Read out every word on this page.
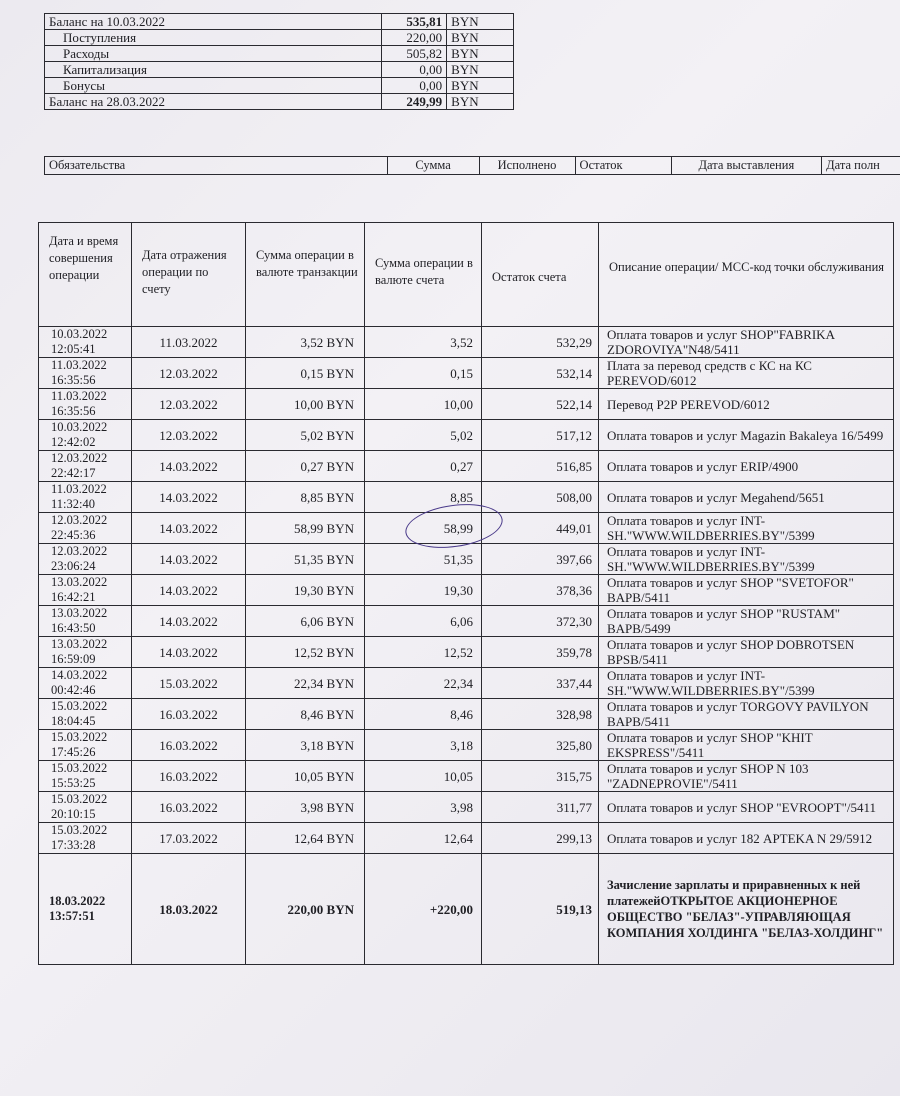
Баланс на 10.03.2022	535,81	BYN
Поступления	220,00	BYN
Расходы	505,82	BYN
Капитализация	0,00	BYN
Бонусы	0,00	BYN
Баланс на 28.03.2022	249,99	BYN
Обязательства	Сумма	Исполнено	Остаток	Дата выставления	Дата полн
Дата и время совершения операции	Дата отражения операции по счету	Сумма операции в валюте транзакции	Сумма операции в валюте счета	Остаток счета	Описание операции/ МСС-код точки обслуживания

10.03.2022
12:05:41	11.03.2022	3,52 BYN	3,52	532,29	Оплата товаров и услуг SHOP"FABRIKA ZDOROVIYA"N48/5411

11.03.2022
16:35:56	12.03.2022	0,15 BYN	0,15	532,14	Плата за перевод средств с КС на КС PEREVOD/6012

11.03.2022
16:35:56	12.03.2022	10,00 BYN	10,00	522,14	Перевод P2P PEREVOD/6012

10.03.2022
12:42:02	12.03.2022	5,02 BYN	5,02	517,12	Оплата товаров и услуг Magazin Bakaleya 16/5499

12.03.2022
22:42:17	14.03.2022	0,27 BYN	0,27	516,85	Оплата товаров и услуг ERIP/4900

11.03.2022
11:32:40	14.03.2022	8,85 BYN	8,85	508,00	Оплата товаров и услуг Megahend/5651

12.03.2022
22:45:36	14.03.2022	58,99 BYN	58,99	449,01	Оплата товаров и услуг INT-SH."WWW.WILDBERRIES.BY"/5399

12.03.2022
23:06:24	14.03.2022	51,35 BYN	51,35	397,66	Оплата товаров и услуг INT-SH."WWW.WILDBERRIES.BY"/5399

13.03.2022
16:42:21	14.03.2022	19,30 BYN	19,30	378,36	Оплата товаров и услуг SHOP "SVETOFOR" BAPB/5411

13.03.2022
16:43:50	14.03.2022	6,06 BYN	6,06	372,30	Оплата товаров и услуг SHOP "RUSTAM" BAPB/5499

13.03.2022
16:59:09	14.03.2022	12,52 BYN	12,52	359,78	Оплата товаров и услуг SHOP DOBROTSEN BPSB/5411

14.03.2022
00:42:46	15.03.2022	22,34 BYN	22,34	337,44	Оплата товаров и услуг INT-SH."WWW.WILDBERRIES.BY"/5399

15.03.2022
18:04:45	16.03.2022	8,46 BYN	8,46	328,98	Оплата товаров и услуг TORGOVY PAVILYON BAPB/5411

15.03.2022
17:45:26	16.03.2022	3,18 BYN	3,18	325,80	Оплата товаров и услуг SHOP "KHIT EKSPRESS"/5411

15.03.2022
15:53:25	16.03.2022	10,05 BYN	10,05	315,75	Оплата товаров и услуг SHOP N 103 "ZADNEPROVIE"/5411

15.03.2022
20:10:15	16.03.2022	3,98 BYN	3,98	311,77	Оплата товаров и услуг SHOP "EVROOPT"/5411

15.03.2022
17:33:28	17.03.2022	12,64 BYN	12,64	299,13	Оплата товаров и услуг 182 APTEKA N 29/5912

18.03.2022
13:57:51	18.03.2022	220,00 BYN	+220,00	519,13	Зачисление зарплаты и приравненных к ней платежейОТКРЫТОЕ АКЦИОНЕРНОЕ ОБЩЕСТВО "БЕЛАЗ"-УПРАВЛЯЮЩАЯ КОМПАНИЯ ХОЛДИНГА "БЕЛАЗ-ХОЛДИНГ"
